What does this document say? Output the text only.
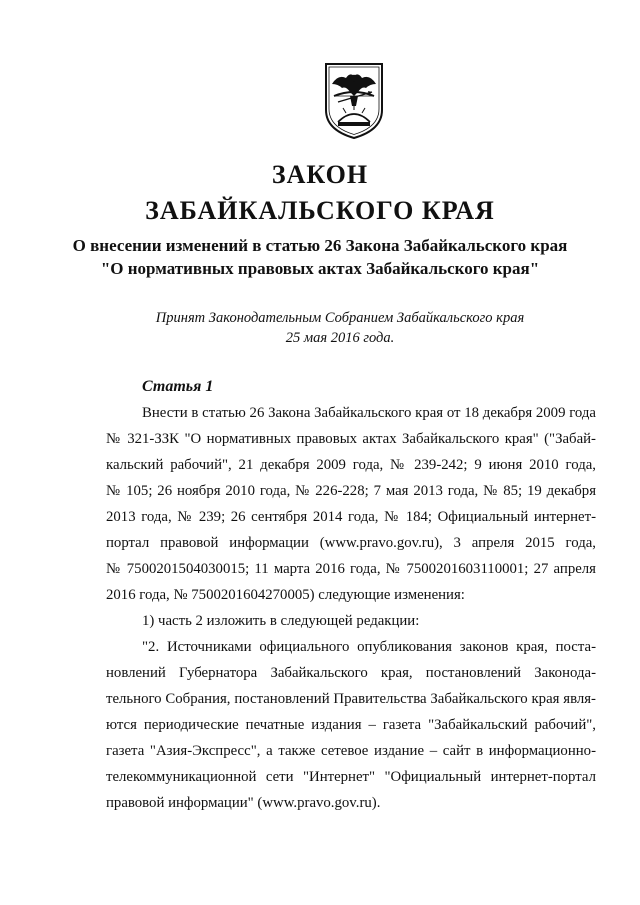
ЗАКОН
ЗАБАЙКАЛЬСКОГО КРАЯ
О внесении изменений в статью 26 Закона Забайкальского края
"О нормативных правовых актах Забайкальского края"
Принят Законодательным Собранием Забайкальского края
25 мая 2016 года.
Статья 1
Внести в статью 26 Закона Забайкальского края от 18 декабря 2009 года
№ 321-ЗЗК "О нормативных правовых актах Забайкальского края" ("Забай-
кальский рабочий", 21 декабря 2009 года, № 239-242; 9 июня 2010 года,
№ 105; 26 ноября 2010 года, № 226-228; 7 мая 2013 года, № 85; 19 декабря
2013 года, № 239; 26 сентября 2014 года, № 184; Официальный интернет-
портал правовой информации (www.pravo.gov.ru), 3 апреля 2015 года,
№ 7500201504030015; 11 марта 2016 года, № 7500201603110001; 27 апреля
2016 года, № 7500201604270005) следующие изменения:
1) часть 2 изложить в следующей редакции:
"2. Источниками официального опубликования законов края, поста-
новлений Губернатора Забайкальского края, постановлений Законода-
тельного Собрания, постановлений Правительства Забайкальского края явля-
ются периодические печатные издания – газета "Забайкальский рабочий",
газета "Азия-Экспресс", а также сетевое издание – сайт в информационно-
телекоммуникационной сети "Интернет" "Официальный интернет-портал
правовой информации" (www.pravo.gov.ru).
